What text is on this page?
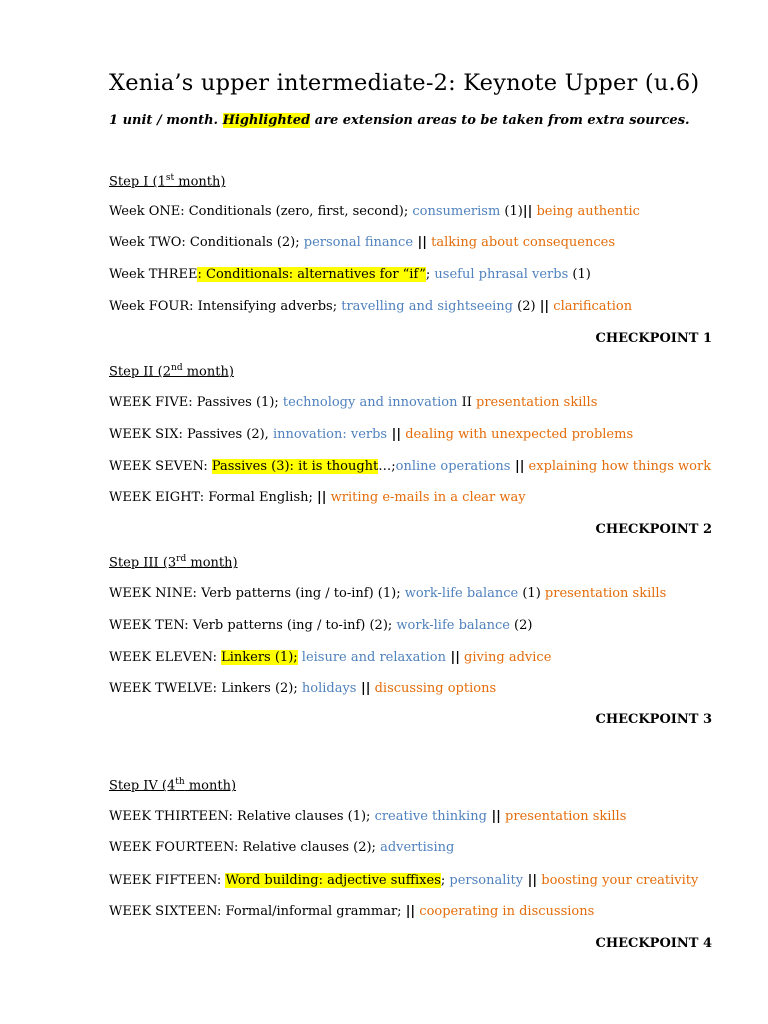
Xenia’s upper intermediate-2: Keynote Upper (u.6)
1 unit / month. Highlighted are extension areas to be taken from extra sources.
Step I (1st month)
Week ONE: Conditionals (zero, first, second); consumerism (1)|| being authentic
Week TWO: Conditionals (2); personal finance || talking about consequences
Week THREE: Conditionals: alternatives for “if”; useful phrasal verbs (1)
Week FOUR: Intensifying adverbs; travelling and sightseeing (2) || clarification
CHECKPOINT 1
Step II (2nd month)
WEEK FIVE: Passives (1); technology and innovation II presentation skills
WEEK SIX: Passives (2), innovation: verbs || dealing with unexpected problems
WEEK SEVEN: Passives (3): it is thought…;online operations || explaining how things work
WEEK EIGHT: Formal English; || writing e-mails in a clear way
CHECKPOINT 2
Step III (3rd month)
WEEK NINE: Verb patterns (ing / to-inf) (1); work-life balance (1) presentation skills
WEEK TEN: Verb patterns (ing / to-inf) (2); work-life balance (2)
WEEK ELEVEN: Linkers (1); leisure and relaxation || giving advice
WEEK TWELVE: Linkers (2); holidays || discussing options
CHECKPOINT 3
Step IV (4th month)
WEEK THIRTEEN: Relative clauses (1); creative thinking || presentation skills
WEEK FOURTEEN: Relative clauses (2); advertising
WEEK FIFTEEN: Word building: adjective suffixes; personality || boosting your creativity
WEEK SIXTEEN: Formal/informal grammar; || cooperating in discussions
CHECKPOINT 4
